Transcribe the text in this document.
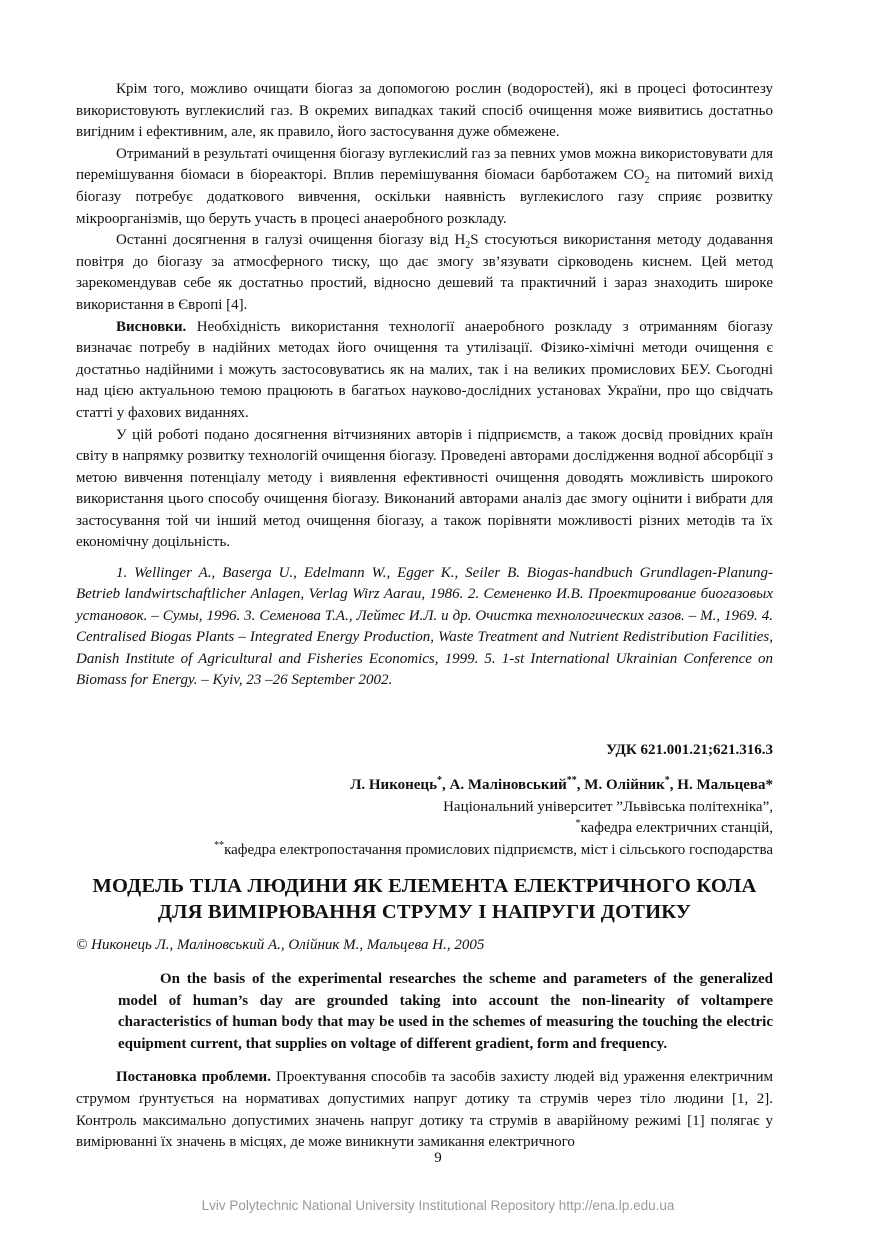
Крім того, можливо очищати біогаз за допомогою рослин (водоростей), які в процесі фотосинтезу використовують вуглекислий газ. В окремих випадках такий спосіб очищення може виявитись достатньо вигідним і ефективним, але, як правило, його застосування дуже обмежене.

Отриманий в результаті очищення біогазу вуглекислий газ за певних умов можна використовувати для перемішування біомаси в біореакторі. Вплив перемішування біомаси барботажем $CO_2$ на питомий вихід біогазу потребує додаткового вивчення, оскільки наявність вуглекислого газу сприяє розвитку мікроорганізмів, що беруть участь в процесі анаеробного розкладу.

Останні досягнення в галузі очищення біогазу від $H_2S$ стосуються використання методу додавання повітря до біогазу за атмосферного тиску, що дає змогу зв’язувати сірководень киснем. Цей метод зарекомендував себе як достатньо простий, відносно дешевий та практичний і зараз знаходить широке використання в Європі [4].

Висновки. Необхідність використання технології анаеробного розкладу з отриманням біогазу визначає потребу в надійних методах його очищення та утилізації. Фізико-хімічні методи очищення є достатньо надійними і можуть застосовуватись як на малих, так і на великих промислових БЕУ. Сьогодні над цією актуальною темою працюють в багатьох науково-дослідних установах України, про що свідчать статті у фахових виданнях.

У цій роботі подано досягнення вітчизняних авторів і підприємств, а також досвід провідних країн світу в напрямку розвитку технологій очищення біогазу. Проведені авторами дослідження водної абсорбції з метою вивчення потенціалу методу і виявлення ефективності очищення доводять можливість широкого використання цього способу очищення біогазу. Виконаний авторами аналіз дає змогу оцінити і вибрати для застосування той чи інший метод очищення біогазу, а також порівняти можливості різних методів та їх економічну доцільність.

1. Wellinger A., Baserga U., Edelmann W., Egger K., Seiler B. Biogas-handbuch Grundlagen-Planung-Betrieb landwirtschaftlicher Anlagen, Verlag Wirz Aarau, 1986. 2. Семененко И.В. Проектирование биогазовых установок. – Сумы, 1996. 3. Семенова Т.А., Лейтес И.Л. и др. Очистка технологических газов. – М., 1969. 4. Centralised Biogas Plants – Integrated Energy Production, Waste Treatment and Nutrient Redistribution Facilities, Danish Institute of Agricultural and Fisheries Economics, 1999. 5. 1-st International Ukrainian Conference on Biomass for Energy. – Kyiv, 23 –26 September 2002.

УДК 621.001.21;621.316.3
Л. Никонець*, А. Маліновський**, М. Олійник*, Н. Мальцева*
Національний університет ”Львівська політехніка”,
*кафедра електричних станцій,
**кафедра електропостачання промислових підприємств, міст і сільського господарства
МОДЕЛЬ ТІЛА ЛЮДИНИ ЯК ЕЛЕМЕНТА ЕЛЕКТРИЧНОГО КОЛА
ДЛЯ ВИМІРЮВАННЯ СТРУМУ І НАПРУГИ ДОТИКУ
© Никонець Л., Маліновський А., Олійник М., Мальцева Н., 2005

On the basis of the experimental researches the scheme and parameters of the generalized model of human’s day are grounded taking into account the non-linearity of voltampere characteristics of human body that may be used in the schemes of measuring the touching the electric equipment current, that supplies on voltage of different gradient, form and frequency.

Постановка проблеми. Проектування способів та засобів захисту людей від ураження електричним струмом ґрунтується на нормативах допустимих напруг дотику та струмів через тіло людини [1, 2]. Контроль максимально допустимих значень напруг дотику та струмів в аварійному режимі [1] полягає у вимірюванні їх значень в місцях, де може виникнути замикання електричного

9
Lviv Polytechnic National University Institutional Repository http://ena.lp.edu.ua
